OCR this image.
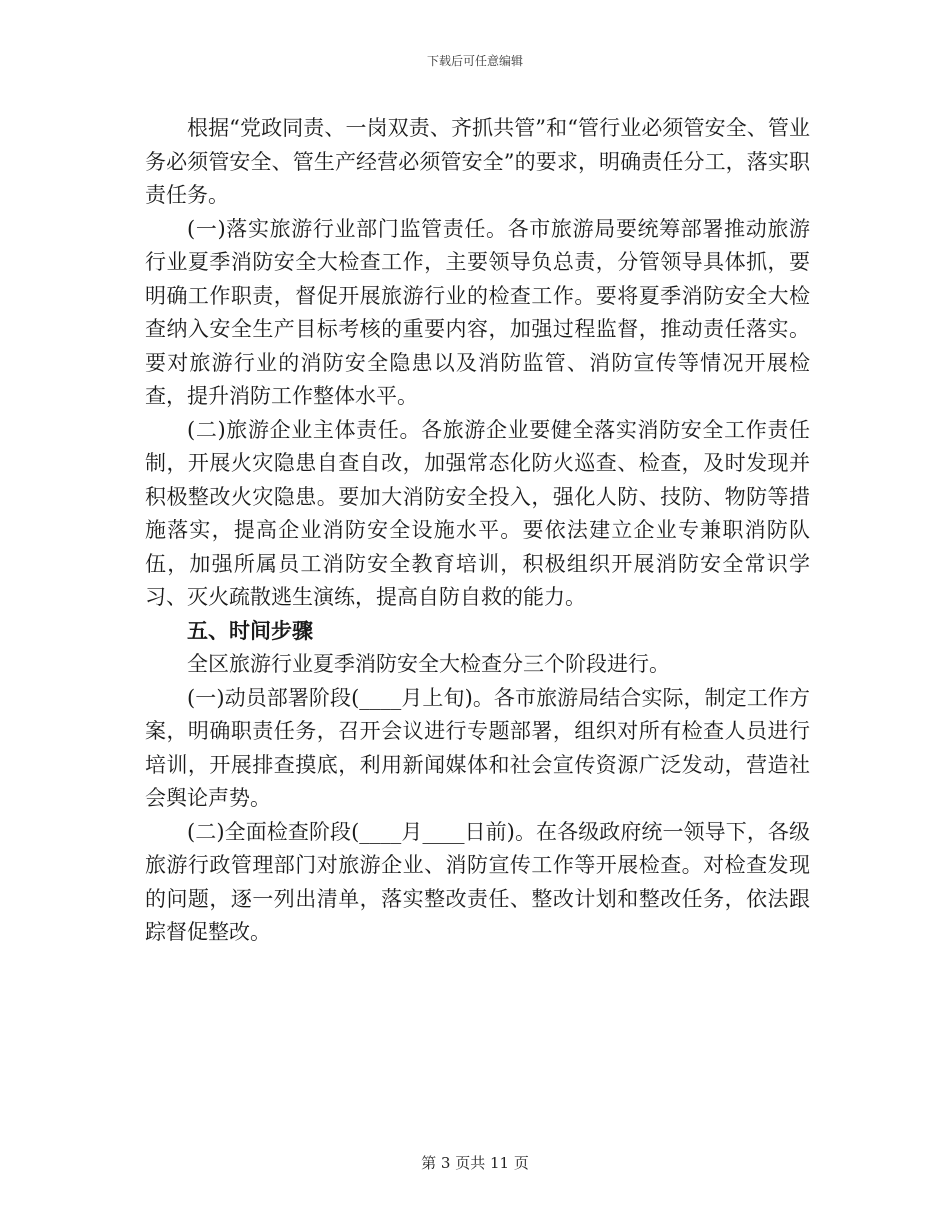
下载后可任意编辑

根据“党政同责、一岗双责、齐抓共管”和“管行业必须管安全、管业务必须管安全、管生产经营必须管安全”的要求，明确责任分工，落实职责任务。

(一)落实旅游行业部门监管责任。各市旅游局要统筹部署推动旅游行业夏季消防安全大检查工作，主要领导负总责，分管领导具体抓，要明确工作职责，督促开展旅游行业的检查工作。要将夏季消防安全大检查纳入安全生产目标考核的重要内容，加强过程监督，推动责任落实。要对旅游行业的消防安全隐患以及消防监管、消防宣传等情况开展检查，提升消防工作整体水平。

(二)旅游企业主体责任。各旅游企业要健全落实消防安全工作责任制，开展火灾隐患自查自改，加强常态化防火巡查、检查，及时发现并积极整改火灾隐患。要加大消防安全投入，强化人防、技防、物防等措施落实，提高企业消防安全设施水平。要依法建立企业专兼职消防队伍，加强所属员工消防安全教育培训，积极组织开展消防安全常识学习、灭火疏散逃生演练，提高自防自救的能力。

五、时间步骤

全区旅游行业夏季消防安全大检查分三个阶段进行。

(一)动员部署阶段(____月上旬)。各市旅游局结合实际，制定工作方案，明确职责任务，召开会议进行专题部署，组织对所有检查人员进行培训，开展排查摸底，利用新闻媒体和社会宣传资源广泛发动，营造社会舆论声势。

(二)全面检查阶段(____月____日前)。在各级政府统一领导下，各级旅游行政管理部门对旅游企业、消防宣传工作等开展检查。对检查发现的问题，逐一列出清单，落实整改责任、整改计划和整改任务，依法跟踪督促整改。

第 3 页共 11 页
